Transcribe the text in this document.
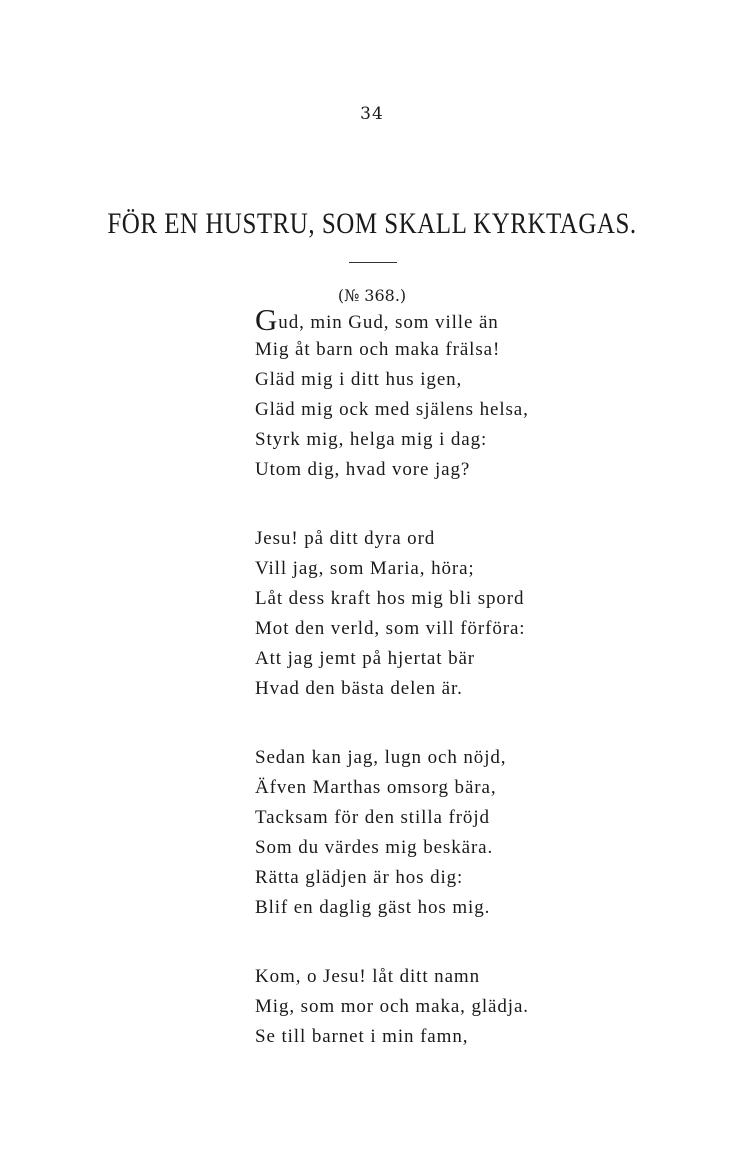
34
FÖR EN HUSTRU, SOM SKALL KYRKTAGAS.
(№ 368.)
Gud, min Gud, som ville än
Mig åt barn och maka frälsa!
Gläd mig i ditt hus igen,
Gläd mig ock med själens helsa,
Styrk mig, helga mig i dag:
Utom dig, hvad vore jag?
Jesu! på ditt dyra ord
Vill jag, som Maria, höra;
Låt dess kraft hos mig bli spord
Mot den verld, som vill förföra:
Att jag jemt på hjertat bär
Hvad den bästa delen är.
Sedan kan jag, lugn och nöjd,
Äfven Marthas omsorg bära,
Tacksam för den stilla fröjd
Som du värdes mig beskära.
Rätta glädjen är hos dig:
Blif en daglig gäst hos mig.
Kom, o Jesu! låt ditt namn
Mig, som mor och maka, glädja.
Se till barnet i min famn,
